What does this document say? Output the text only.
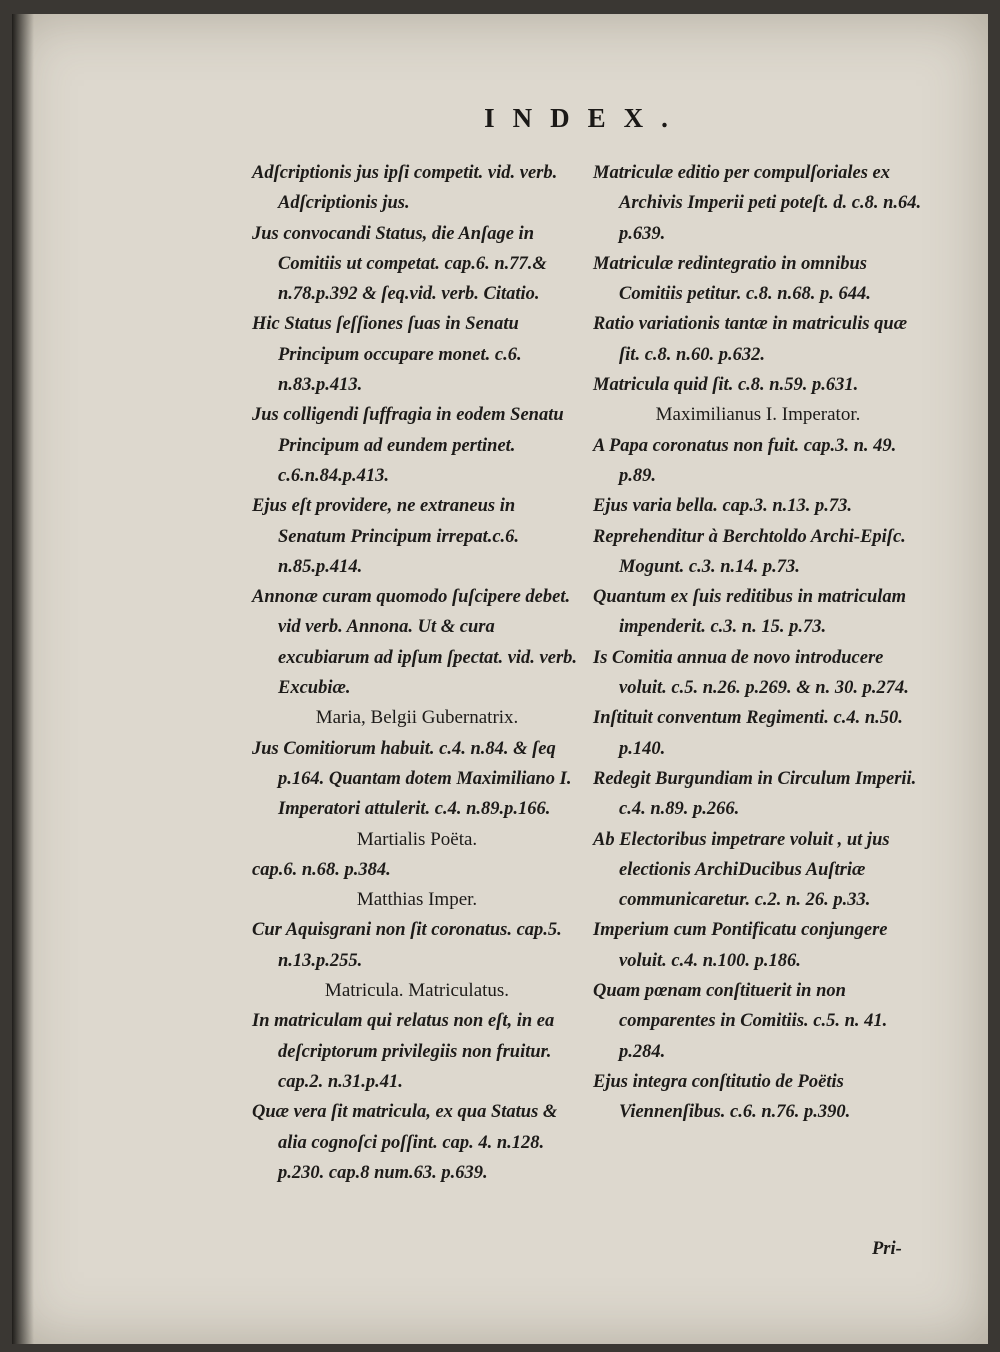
INDEX.
Adſcriptionis jus ipſi competit. vid. verb. Adſcriptionis jus.
Jus convocandi Status, die Anſage in Comitiis ut competat. cap.6. n.77.& n.78.p.392 & ſeq.vid. verb. Citatio.
Hic Status ſeſſiones ſuas in Senatu Principum occupare monet. c.6. n.83.p.413.
Jus colligendi ſuffragia in eodem Senatu Principum ad eundem pertinet. c.6.n.84.p.413.
Ejus eſt providere, ne extraneus in Senatum Principum irrepat.c.6. n.85.p.414.
Annonæ curam quomodo ſuſcipere debet. vid verb. Annona. Ut & cura excubiarum ad ipſum ſpectat. vid. verb. Excubiæ.
Maria, Belgii Gubernatrix.
Jus Comitiorum habuit. c.4. n.84. & ſeq p.164. Quantam dotem Maximiliano I. Imperatori attulerit. c.4. n.89.p.166.
Martialis Poëta.
cap.6. n.68. p.384.
Matthias Imper.
Cur Aquisgrani non ſit coronatus. cap.5. n.13.p.255.
Matricula. Matriculatus.
In matriculam qui relatus non eſt, in ea deſcriptorum privilegiis non fruitur. cap.2. n.31.p.41.
Quæ vera ſit matricula, ex qua Status & alia cognoſci poſſint. cap. 4. n.128. p.230. cap.8 num.63. p.639.
Matriculæ editio per compulſoriales ex Archivis Imperii peti poteſt. d. c.8. n.64. p.639.
Matriculæ redintegratio in omnibus Comitiis petitur. c.8. n.68. p. 644.
Ratio variationis tantæ in matriculis quæ ſit. c.8. n.60. p.632.
Matricula quid ſit. c.8. n.59. p.631.
Maximilianus I. Imperator.
A Papa coronatus non fuit. cap.3. n. 49. p.89.
Ejus varia bella. cap.3. n.13. p.73.
Reprehenditur à Berchtoldo Archi-Epiſc. Mogunt. c.3. n.14. p.73.
Quantum ex ſuis reditibus in matriculam impenderit. c.3. n. 15. p.73.
Is Comitia annua de novo introducere voluit. c.5. n.26. p.269. & n. 30. p.274.
Inſtituit conventum Regimenti. c.4. n.50. p.140.
Redegit Burgundiam in Circulum Imperii. c.4. n.89. p.266.
Ab Electoribus impetrare voluit , ut jus electionis ArchiDucibus Auſtriæ communicaretur. c.2. n. 26. p.33.
Imperium cum Pontificatu conjungere voluit. c.4. n.100. p.186.
Quam pœnam conſtituerit in non comparentes in Comitiis. c.5. n. 41. p.284.
Ejus integra conſtitutio de Poëtis Viennenſibus. c.6. n.76. p.390.
Pri-
